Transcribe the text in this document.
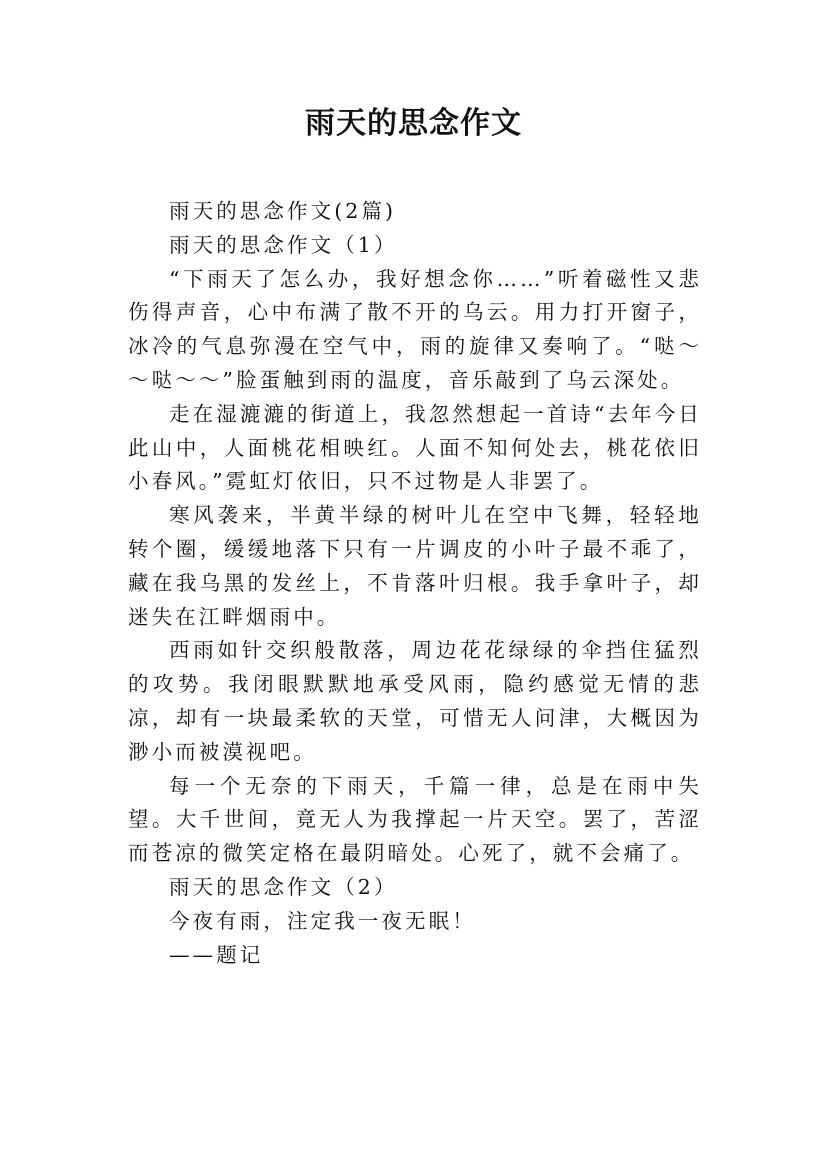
雨天的思念作文

雨天的思念作文(2篇)

雨天的思念作文（1）

“下雨天了怎么办，我好想念你……”听着磁性又悲伤得声音，心中布满了散不开的乌云。用力打开窗子，冰冷的气息弥漫在空气中，雨的旋律又奏响了。“哒～～哒～～”脸蛋触到雨的温度，音乐敲到了乌云深处。

走在湿漉漉的街道上，我忽然想起一首诗“去年今日此山中，人面桃花相映红。人面不知何处去，桃花依旧小春风。”霓虹灯依旧，只不过物是人非罢了。

寒风袭来，半黄半绿的树叶儿在空中飞舞，轻轻地转个圈，缓缓地落下只有一片调皮的小叶子最不乖了，藏在我乌黑的发丝上，不肯落叶归根。我手拿叶子，却迷失在江畔烟雨中。

西雨如针交织般散落，周边花花绿绿的伞挡住猛烈的攻势。我闭眼默默地承受风雨，隐约感觉无情的悲凉，却有一块最柔软的天堂，可惜无人问津，大概因为渺小而被漠视吧。

每一个无奈的下雨天，千篇一律，总是在雨中失望。大千世间，竟无人为我撑起一片天空。罢了，苦涩而苍凉的微笑定格在最阴暗处。心死了，就不会痛了。

雨天的思念作文（2）

今夜有雨，注定我一夜无眠！

——题记
